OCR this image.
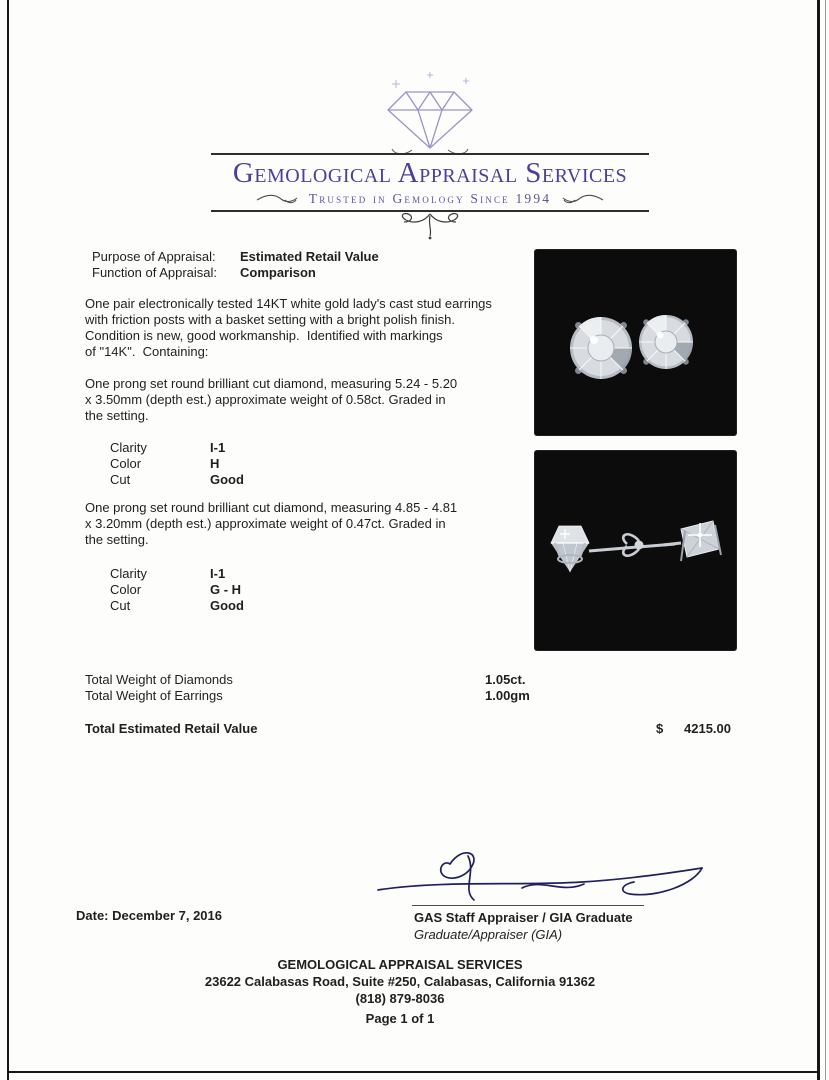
Gemological Appraisal Services
Trusted in Gemology Since 1994
Purpose of Appraisal: Estimated Retail Value
Function of Appraisal: Comparison
One pair electronically tested 14KT white gold lady's cast stud earrings
with friction posts with a basket setting with a bright polish finish.
Condition is new, good workmanship.  Identified with markings
of "14K".  Containing:
One prong set round brilliant cut diamond, measuring 5.24 - 5.20
x 3.50mm (depth est.) approximate weight of 0.58ct. Graded in
the setting.
Clarity	I-1
Color	H
Cut	Good
One prong set round brilliant cut diamond, measuring 4.85 - 4.81
x 3.20mm (depth est.) approximate weight of 0.47ct. Graded in
the setting.
Clarity	I-1
Color	G - H
Cut	Good
Total Weight of Diamonds	1.05ct.
Total Weight of Earrings	1.00gm
Total Estimated Retail Value	$ 4215.00
Date: December 7, 2016	GAS Staff Appraiser / GIA Graduate
Graduate/Appraiser (GIA)
GEMOLOGICAL APPRAISAL SERVICES
23622 Calabasas Road, Suite #250, Calabasas, California 91362
(818) 879-8036
Page 1 of 1
